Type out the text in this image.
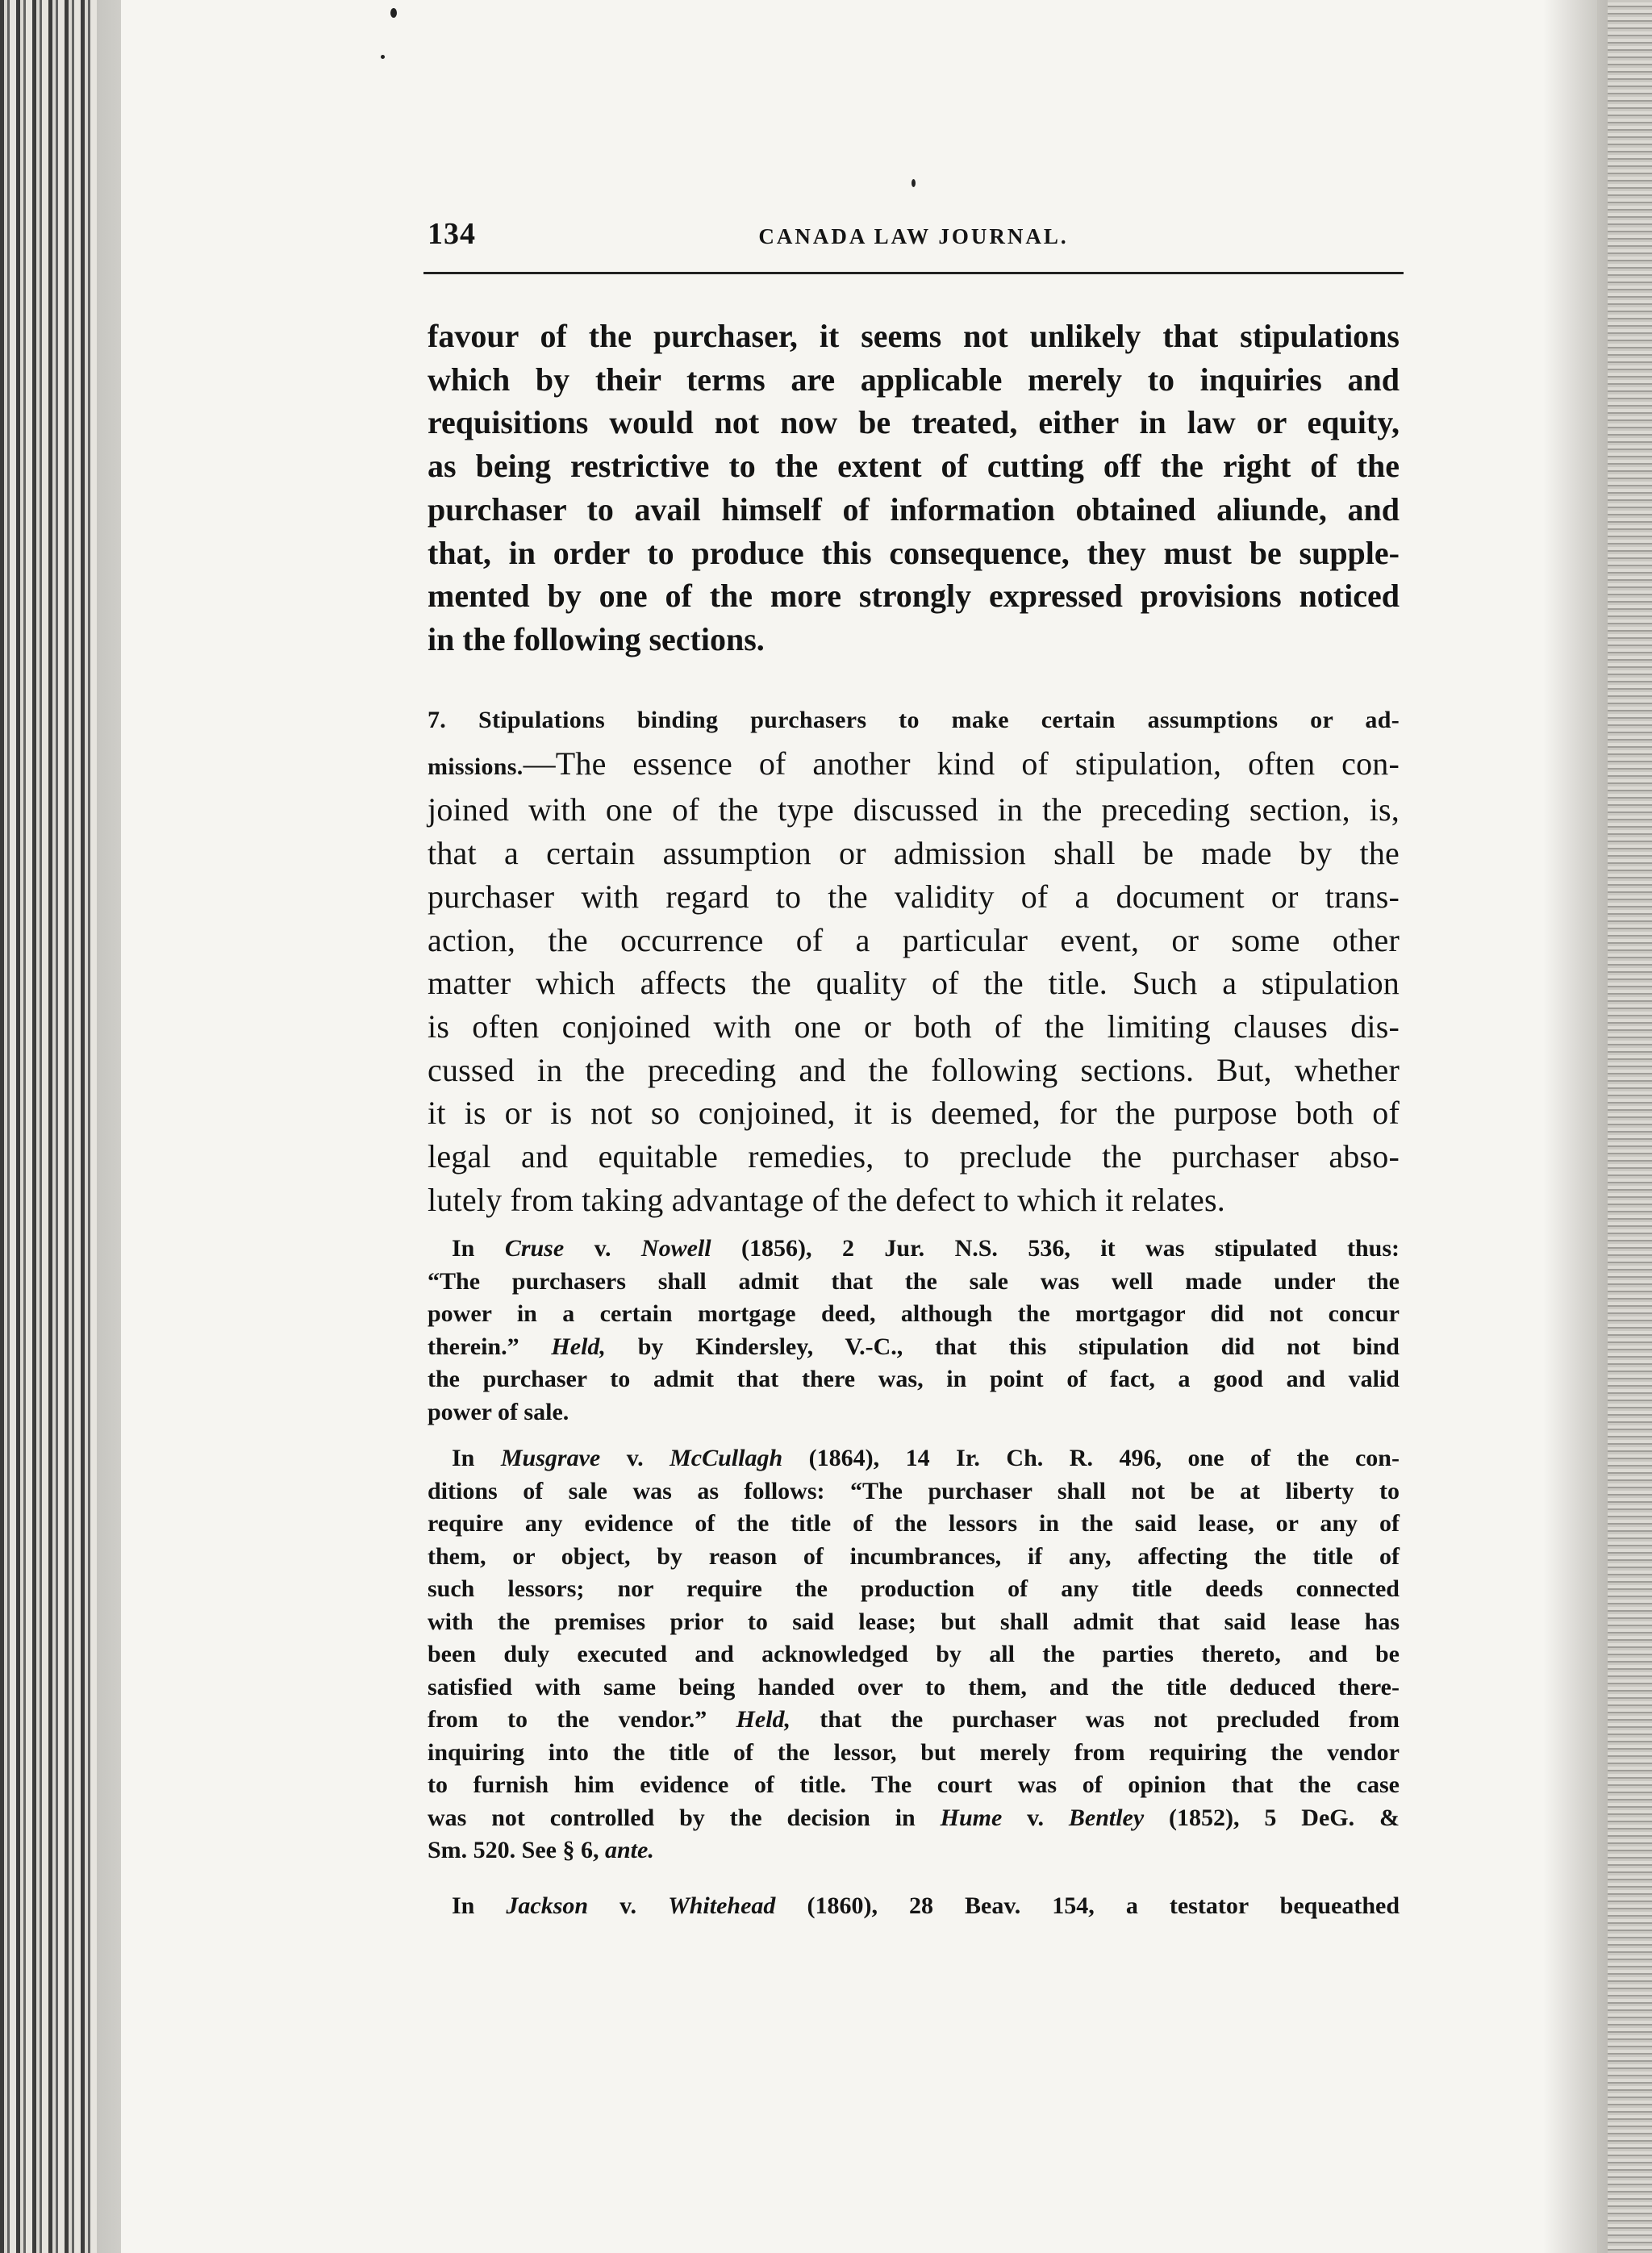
134	CANADA LAW JOURNAL.
favour of the purchaser, it seems not unlikely that stipulations
which by their terms are applicable merely to inquiries and
requisitions would not now be treated, either in law or equity,
as being restrictive to the extent of cutting off the right of the
purchaser to avail himself of information obtained aliunde, and
that, in order to produce this consequence, they must be supple-
mented by one of the more strongly expressed provisions noticed
in the following sections.
7. Stipulations binding purchasers to make certain assumptions or ad-
missions.—The essence of another kind of stipulation, often con-
joined with one of the type discussed in the preceding section, is,
that a certain assumption or admission shall be made by the
purchaser with regard to the validity of a document or trans-
action, the occurrence of a particular event, or some other
matter which affects the quality of the title. Such a stipulation
is often conjoined with one or both of the limiting clauses dis-
cussed in the preceding and the following sections. But, whether
it is or is not so conjoined, it is deemed, for the purpose both of
legal and equitable remedies, to preclude the purchaser abso-
lutely from taking advantage of the defect to which it relates.
In Cruse v. Nowell (1856), 2 Jur. N.S. 536, it was stipulated thus:
“The purchasers shall admit that the sale was well made under the
power in a certain mortgage deed, although the mortgagor did not concur
therein.” Held, by Kindersley, V.-C., that this stipulation did not bind
the purchaser to admit that there was, in point of fact, a good and valid
power of sale.
In Musgrave v. McCullagh (1864), 14 Ir. Ch. R. 496, one of the con-
ditions of sale was as follows: “The purchaser shall not be at liberty to
require any evidence of the title of the lessors in the said lease, or any of
them, or object, by reason of incumbrances, if any, affecting the title of
such lessors; nor require the production of any title deeds connected
with the premises prior to said lease; but shall admit that said lease has
been duly executed and acknowledged by all the parties thereto, and be
satisfied with same being handed over to them, and the title deduced there-
from to the vendor.” Held, that the purchaser was not precluded from
inquiring into the title of the lessor, but merely from requiring the vendor
to furnish him evidence of title. The court was of opinion that the case
was not controlled by the decision in Hume v. Bentley (1852), 5 DeG. &
Sm. 520. See § 6, ante.
In Jackson v. Whitehead (1860), 28 Beav. 154, a testator bequeathed
